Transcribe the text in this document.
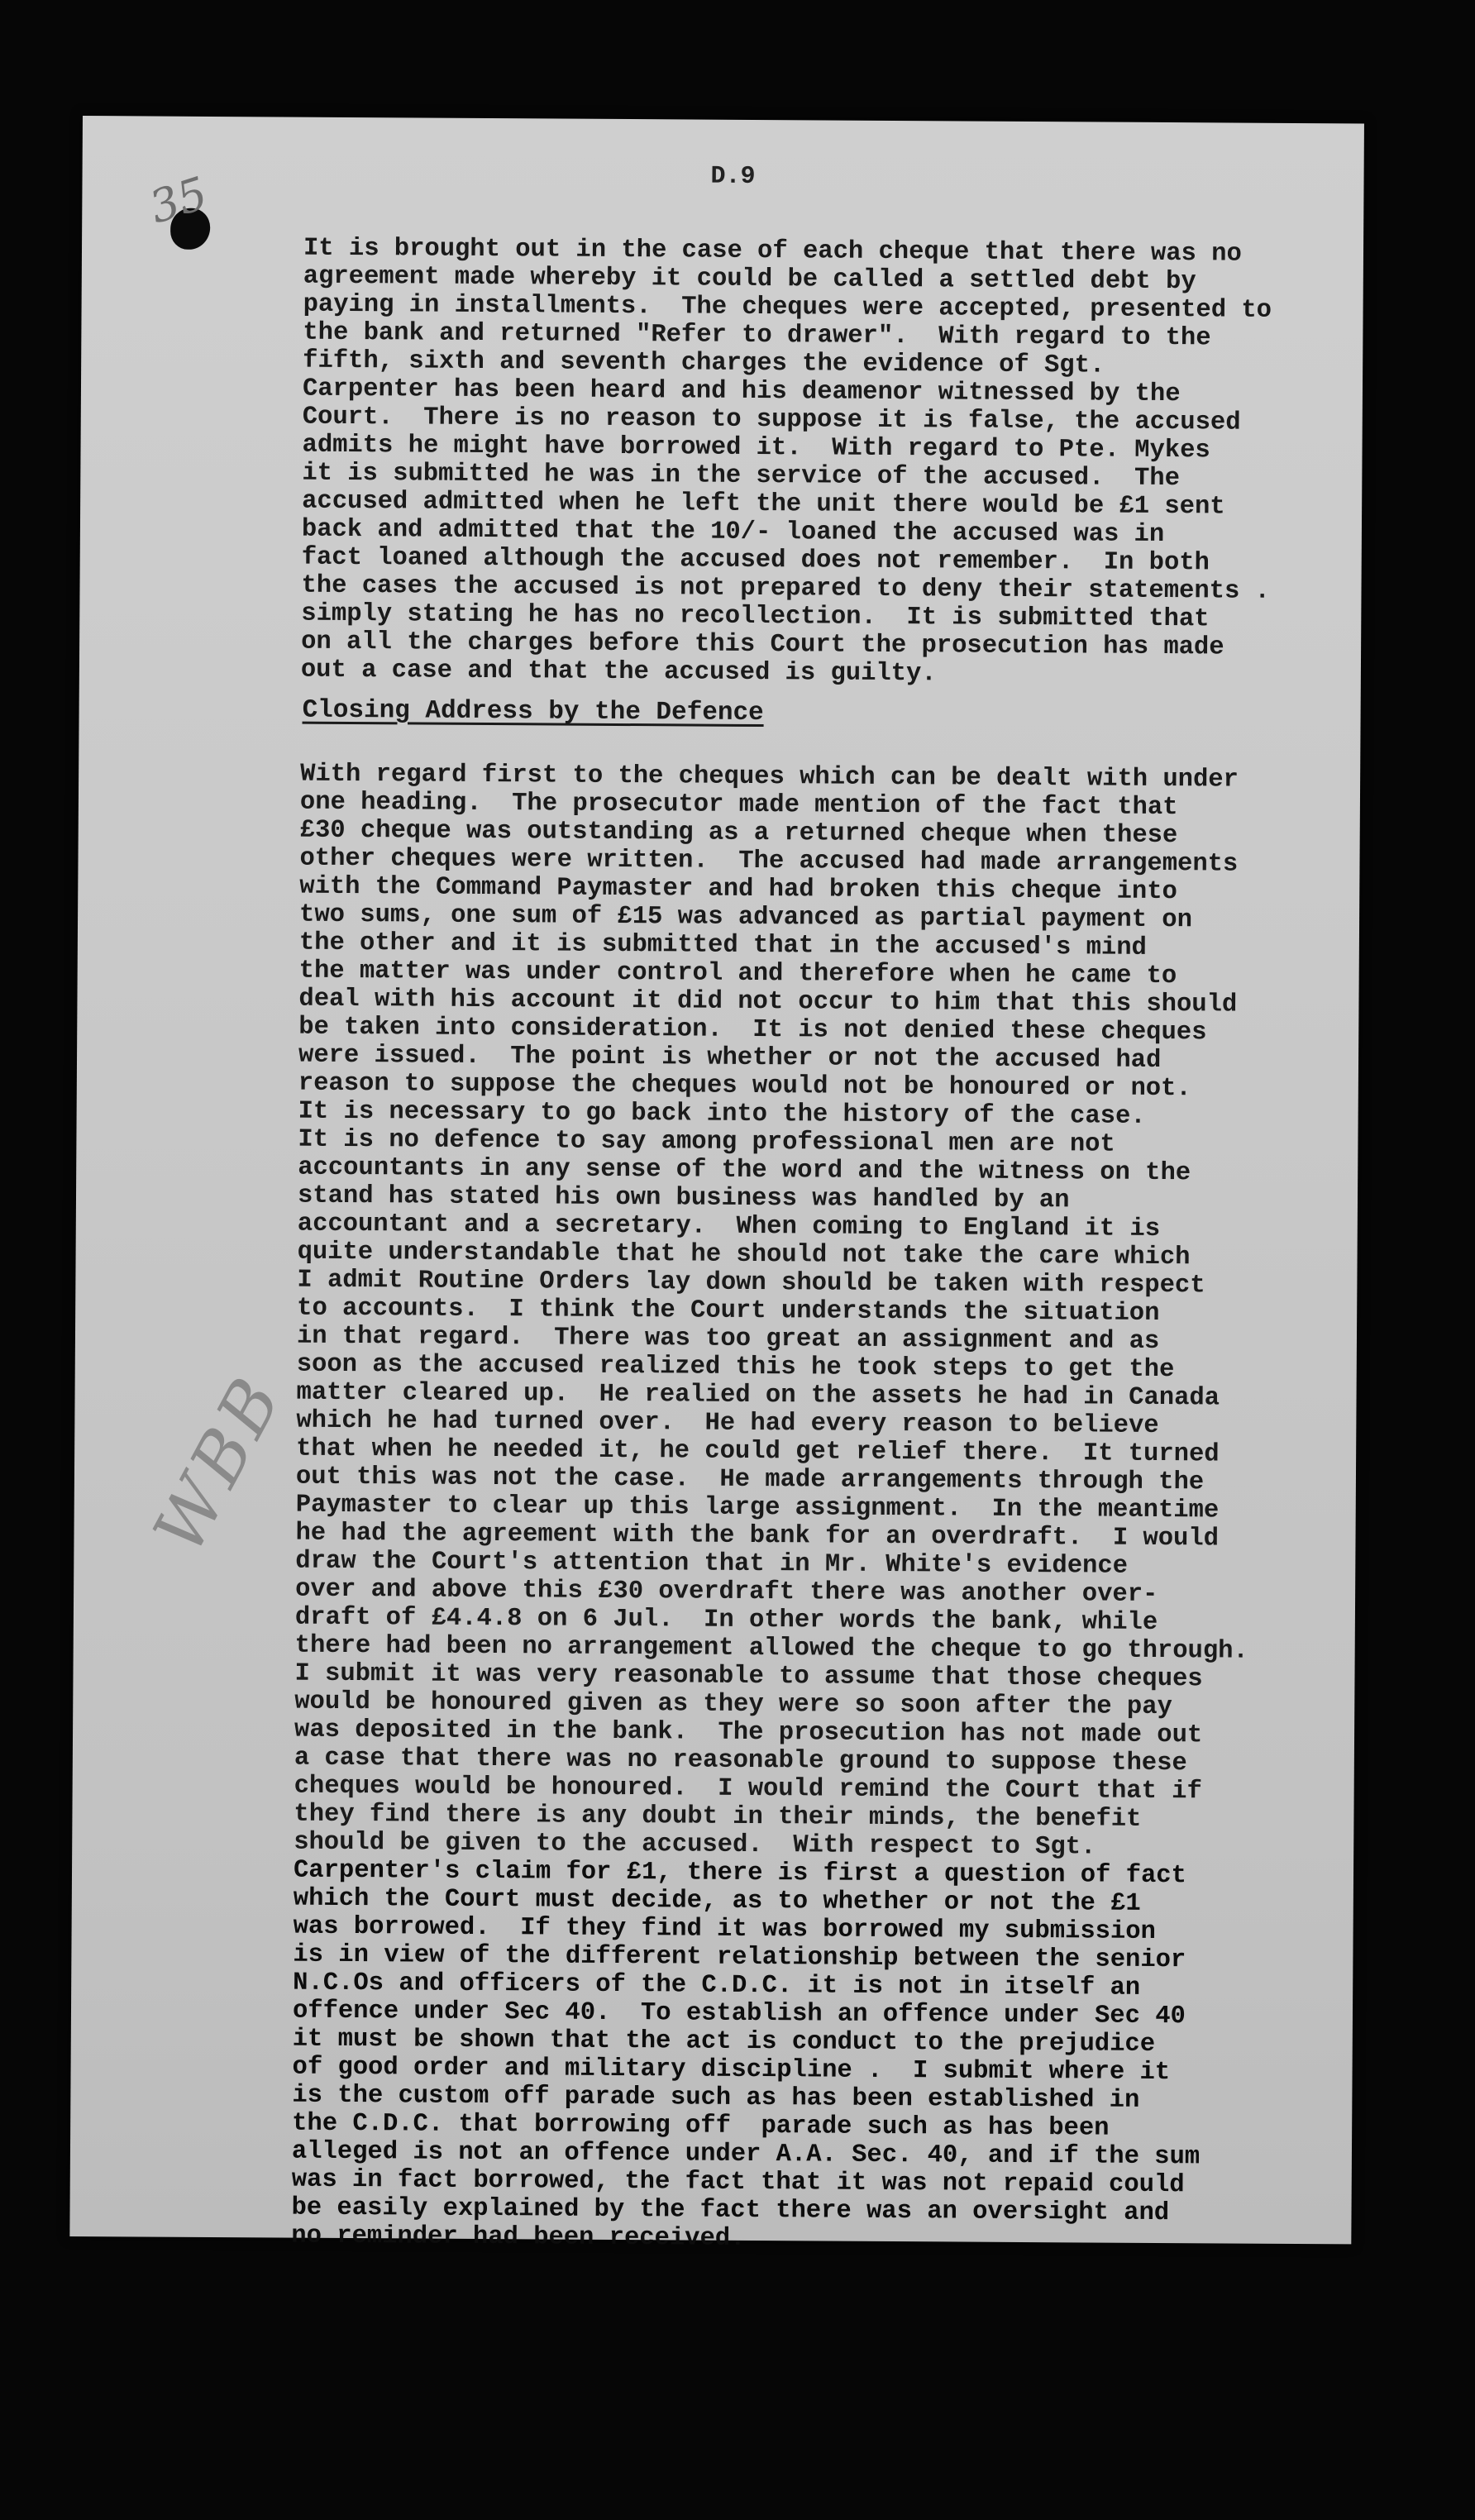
D.9
35
WBB
It is brought out in the case of each cheque that there was no
agreement made whereby it could be called a settled debt by
paying in installments.  The cheques were accepted, presented to
the bank and returned "Refer to drawer".  With regard to the
fifth, sixth and seventh charges the evidence of Sgt.
Carpenter has been heard and his deamenor witnessed by the
Court.  There is no reason to suppose it is false, the accused
admits he might have borrowed it.  With regard to Pte. Mykes
it is submitted he was in the service of the accused.  The
accused admitted when he left the unit there would be £1 sent
back and admitted that the 10/- loaned the accused was in
fact loaned although the accused does not remember.  In both
the cases the accused is not prepared to deny their statements .
simply stating he has no recollection.  It is submitted that
on all the charges before this Court the prosecution has made
out a case and that the accused is guilty.
Closing Address by the Defence
With regard first to the cheques which can be dealt with under
one heading.  The prosecutor made mention of the fact that
£30 cheque was outstanding as a returned cheque when these
other cheques were written.  The accused had made arrangements
with the Command Paymaster and had broken this cheque into
two sums, one sum of £15 was advanced as partial payment on
the other and it is submitted that in the accused's mind
the matter was under control and therefore when he came to
deal with his account it did not occur to him that this should
be taken into consideration.  It is not denied these cheques
were issued.  The point is whether or not the accused had
reason to suppose the cheques would not be honoured or not.
It is necessary to go back into the history of the case.
It is no defence to say among professional men are not
accountants in any sense of the word and the witness on the
stand has stated his own business was handled by an
accountant and a secretary.  When coming to England it is
quite understandable that he should not take the care which
I admit Routine Orders lay down should be taken with respect
to accounts.  I think the Court understands the situation
in that regard.  There was too great an assignment and as
soon as the accused realized this he took steps to get the
matter cleared up.  He realied on the assets he had in Canada
which he had turned over.  He had every reason to believe
that when he needed it, he could get relief there.  It turned
out this was not the case.  He made arrangements through the
Paymaster to clear up this large assignment.  In the meantime
he had the agreement with the bank for an overdraft.  I would
draw the Court's attention that in Mr. White's evidence
over and above this £30 overdraft there was another over-
draft of £4.4.8 on 6 Jul.  In other words the bank, while
there had been no arrangement allowed the cheque to go through.
I submit it was very reasonable to assume that those cheques
would be honoured given as they were so soon after the pay
was deposited in the bank.  The prosecution has not made out
a case that there was no reasonable ground to suppose these
cheques would be honoured.  I would remind the Court that if
they find there is any doubt in their minds, the benefit
should be given to the accused.  With respect to Sgt.
Carpenter's claim for £1, there is first a question of fact
which the Court must decide, as to whether or not the £1
was borrowed.  If they find it was borrowed my submission
is in view of the different relationship between the senior
N.C.Os and officers of the C.D.C. it is not in itself an
offence under Sec 40.  To establish an offence under Sec 40
it must be shown that the act is conduct to the prejudice
of good order and military discipline .  I submit where it
is the custom off parade such as has been established in
the C.D.C. that borrowing off  parade such as has been
alleged is not an offence under A.A. Sec. 40, and if the sum
was in fact borrowed, the fact that it was not repaid could
be easily explained by the fact there was an oversight and
no reminder had been received.
